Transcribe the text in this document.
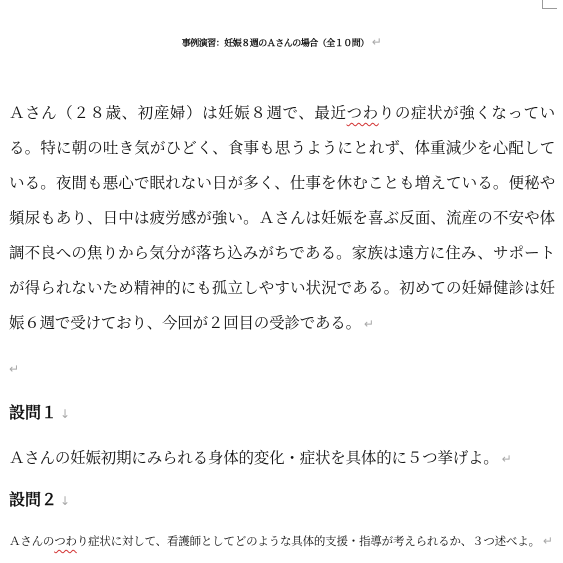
事例演習：妊娠８週のＡさんの場合（全１０問） ↵
Ａさん（２８歳、初産婦）は妊娠８週で、最近つわりの症状が強くなっている。特に朝の吐き気がひどく、食事も思うようにとれず、体重減少を心配している。夜間も悪心で眠れない日が多く、仕事を休むことも増えている。便秘や頻尿もあり、日中は疲労感が強い。Ａさんは妊娠を喜ぶ反面、流産の不安や体調不良への焦りから気分が落ち込みがちである。家族は遠方に住み、サポートが得られないため精神的にも孤立しやすい状況である。初めての妊婦健診は妊娠６週で受けており、今回が２回目の受診である。 ↵
↵
設問１ ↓
Ａさんの妊娠初期にみられる身体的変化・症状を具体的に５つ挙げよ。 ↵
設問２ ↓
Ａさんのつわり症状に対して、看護師としてどのような具体的支援・指導が考えられるか、３つ述べよ。 ↵
